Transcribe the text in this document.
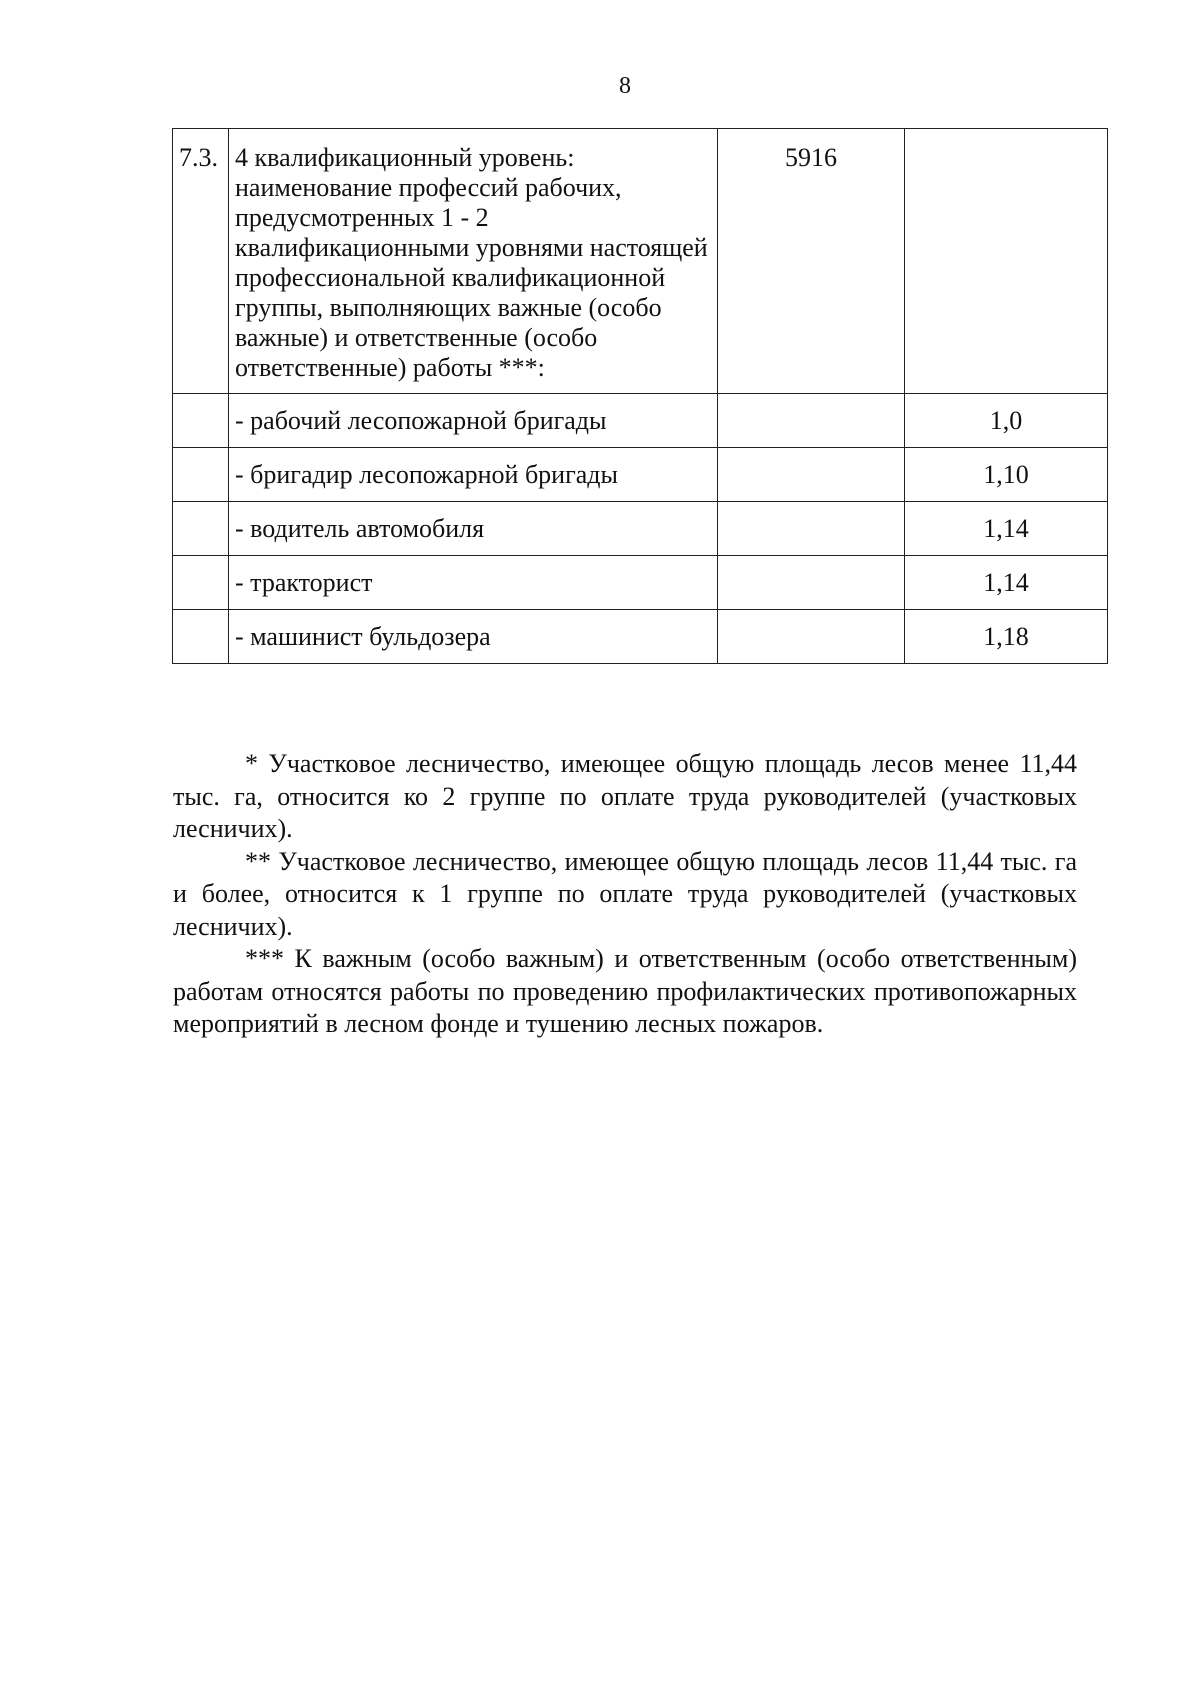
8
7.3.	4 квалификационный уровень: наименование профессий рабочих, предусмотренных 1 - 2 квалификационными уровнями настоящей профессиональной квалификационной группы, выполняющих важные (особо важные) и ответственные (особо ответственные) работы ***:	5916	
	- рабочий лесопожарной бригады		1,0
	- бригадир лесопожарной бригады		1,10
	- водитель автомобиля		1,14
	- тракторист		1,14
	- машинист бульдозера		1,18

* Участковое лесничество, имеющее общую площадь лесов менее 11,44 тыс. га, относится ко 2 группе по оплате труда руководителей (участковых лесничих).

** Участковое лесничество, имеющее общую площадь лесов 11,44 тыс. га и более, относится к 1 группе по оплате труда руководителей (участковых лесничих).

*** К важным (особо важным) и ответственным (особо ответственным) работам относятся работы по проведению профилактических противопожарных мероприятий в лесном фонде и тушению лесных пожаров.
